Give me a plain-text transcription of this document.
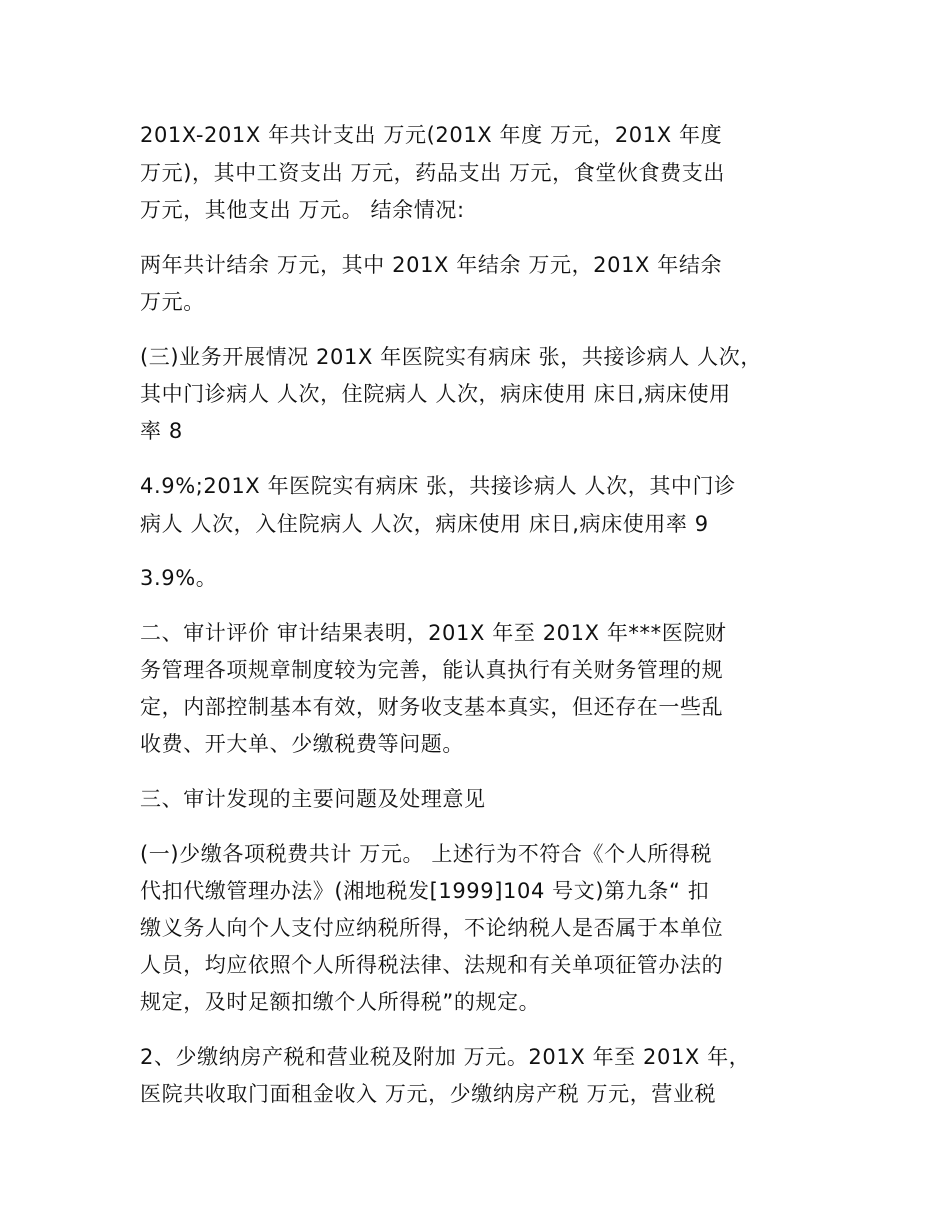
201X-201X 年共计支出 万元(201X 年度 万元，201X 年度
万元)，其中工资支出 万元，药品支出 万元，食堂伙食费支出
万元，其他支出 万元。 结余情况:
两年共计结余 万元，其中 201X 年结余 万元，201X 年结余
万元。
(三)业务开展情况 201X 年医院实有病床 张，共接诊病人 人次，
其中门诊病人 人次，住院病人 人次，病床使用 床日,病床使用
率 8
4.9%;201X 年医院实有病床 张，共接诊病人 人次，其中门诊
病人 人次，入住院病人 人次，病床使用 床日,病床使用率 9
3.9%。
二、审计评价 审计结果表明，201X 年至 201X 年***医院财
务管理各项规章制度较为完善，能认真执行有关财务管理的规
定，内部控制基本有效，财务收支基本真实，但还存在一些乱
收费、开大单、少缴税费等问题。
三、审计发现的主要问题及处理意见
(一)少缴各项税费共计 万元。 上述行为不符合《个人所得税
代扣代缴管理办法》(湘地税发[1999]104 号文)第九条“ 扣
缴义务人向个人支付应纳税所得，不论纳税人是否属于本单位
人员，均应依照个人所得税法律、法规和有关单项征管办法的
规定，及时足额扣缴个人所得税”的规定。
2、少缴纳房产税和营业税及附加 万元。201X 年至 201X 年，
医院共收取门面租金收入 万元，少缴纳房产税 万元，营业税
